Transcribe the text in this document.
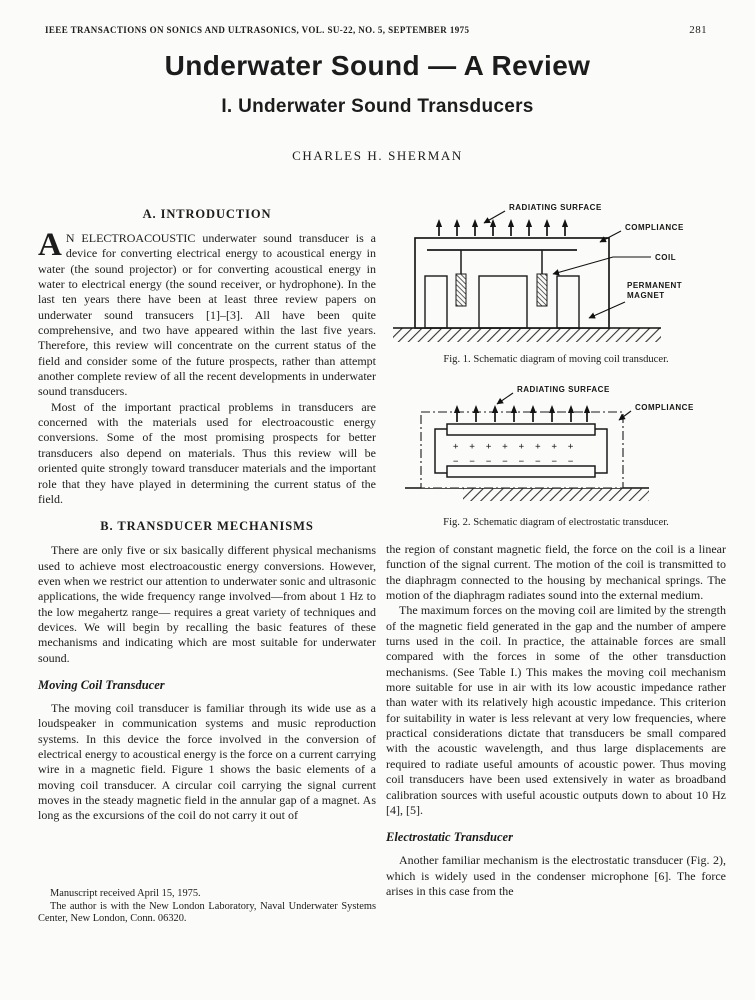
IEEE TRANSACTIONS ON SONICS AND ULTRASONICS, VOL. SU-22, NO. 5, SEPTEMBER 1975	281
Underwater Sound — A Review
I. Underwater Sound Transducers
CHARLES H. SHERMAN
A. INTRODUCTION

A N ELECTROACOUSTIC underwater sound transducer is a device for converting electrical energy to acoustical energy in water (the sound projector) or for converting acoustical energy in water to electrical energy (the sound receiver, or hydrophone). In the last ten years there have been at least three review papers on underwater sound transucers [1]–[3]. All have been quite comprehensive, and two have appeared within the last five years. Therefore, this review will concentrate on the current status of the field and consider some of the future prospects, rather than attempt another complete review of all the recent developments in underwater sound transducers.

Most of the important practical problems in transducers are concerned with the materials used for electroacoustic energy conversions. Some of the most promising prospects for better transducers also depend on materials. Thus this review will be oriented quite strongly toward transducer materials and the important role that they have played in determining the current status of the field.

B. TRANSDUCER MECHANISMS

There are only five or six basically different physical mechanisms used to achieve most electroacoustic energy conversions. However, even when we restrict our attention to underwater sonic and ultrasonic applications, the wide frequency range involved—from about 1 Hz to the low megahertz range— requires a great variety of techniques and devices. We will begin by recalling the basic features of these mechanisms and indicating which are most suitable for underwater sound.

Moving Coil Transducer

The moving coil transducer is familiar through its wide use as a loudspeaker in communication systems and music reproduction systems. In this device the force involved in the conversion of electrical energy to acoustical energy is the force on a current carrying wire in a magnetic field. Figure 1 shows the basic elements of a moving coil transducer. A circular coil carrying the signal current moves in the steady magnetic field in the annular gap of a magnet. As long as the excursions of the coil do not carry it out of

RADIATING SURFACE
COMPLIANCE
COIL
PERMANENT
MAGNET

Fig. 1. Schematic diagram of moving coil transducer.

++++++++
−−−−−−−−
RADIATING SURFACE
COMPLIANCE

Fig. 2. Schematic diagram of electrostatic transducer.

the region of constant magnetic field, the force on the coil is a linear function of the signal current. The motion of the coil is transmitted to the diaphragm connected to the housing by mechanical springs. The motion of the diaphragm radiates sound into the external medium.

The maximum forces on the moving coil are limited by the strength of the magnetic field generated in the gap and the number of ampere turns used in the coil. In practice, the attainable forces are small compared with the forces in some of the other transduction mechanisms. (See Table I.) This makes the moving coil mechanism more suitable for use in air with its low acoustic impedance rather than water with its relatively high acoustic impedance. This criterion for suitability in water is less relevant at very low frequencies, where practical considerations dictate that transducers be small compared with the acoustic wavelength, and thus large displacements are required to radiate useful amounts of acoustic power. Thus moving coil transducers have been used extensively in water as broadband calibration sources with useful acoustic outputs down to about 10 Hz [4], [5].

Electrostatic Transducer

Another familiar mechanism is the electrostatic transducer (Fig. 2), which is widely used in the condenser microphone [6]. The force arises in this case from the

Manuscript received April 15, 1975.

The author is with the New London Laboratory, Naval Underwater Systems Center, New London, Conn. 06320.
